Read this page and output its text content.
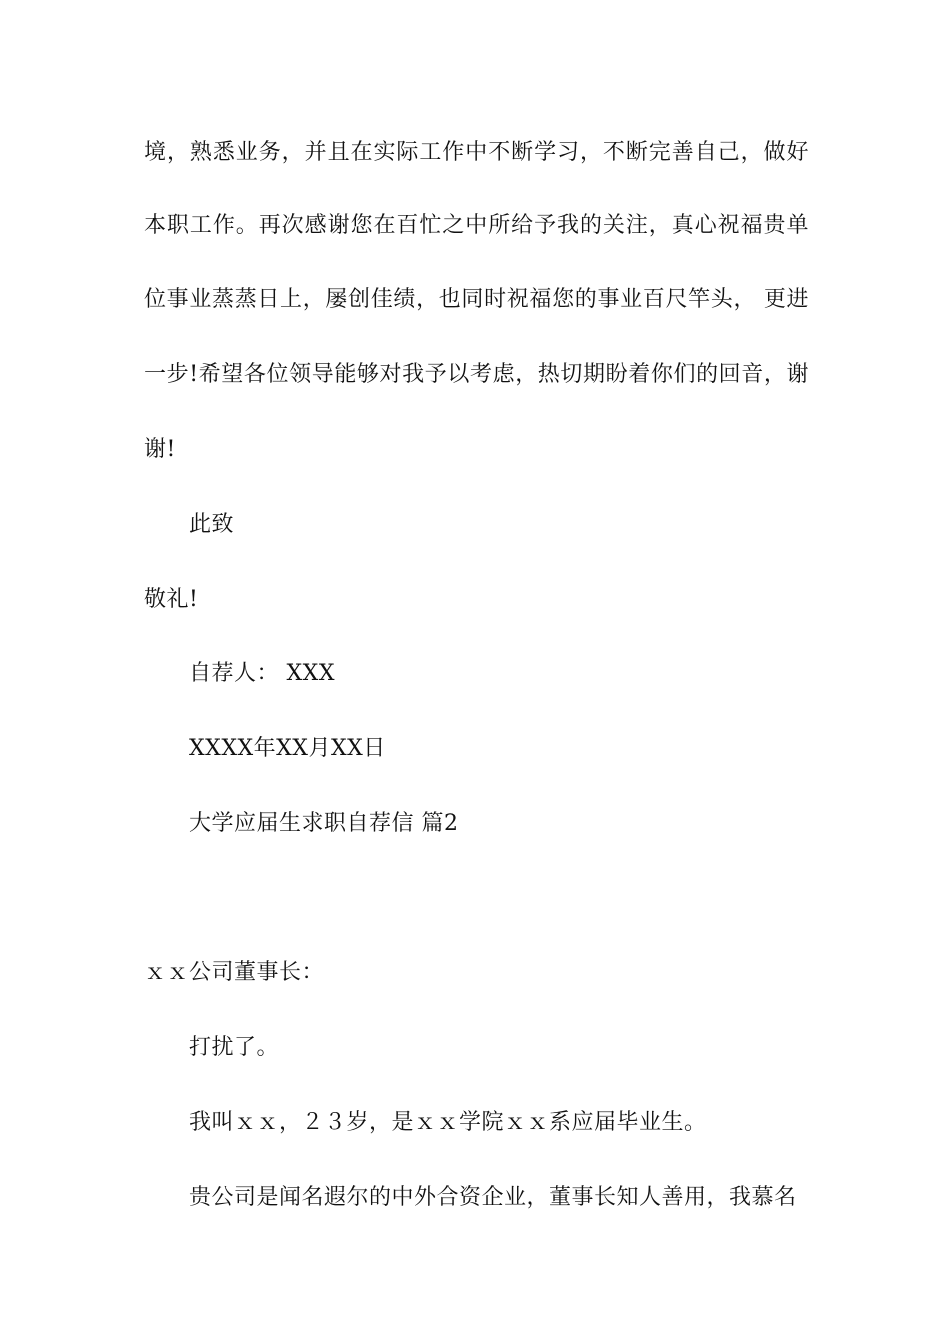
境，熟悉业务，并且在实际工作中不断学习，不断完善自己，做好
本职工作。再次感谢您在百忙之中所给予我的关注，真心祝福贵单
位事业蒸蒸日上，屡创佳绩，也同时祝福您的事业百尺竿头， 更进
一步!希望各位领导能够对我予以考虑，热切期盼着你们的回音，谢
谢!
此致
敬礼!
自荐人： XXX
XXXX年XX月XX日
大学应届生求职自荐信 篇2
ｘｘ公司董事长：
打扰了。
我叫ｘｘ，２３岁，是ｘｘ学院ｘｘ系应届毕业生。
贵公司是闻名遐尔的中外合资企业，董事长知人善用，我慕名
